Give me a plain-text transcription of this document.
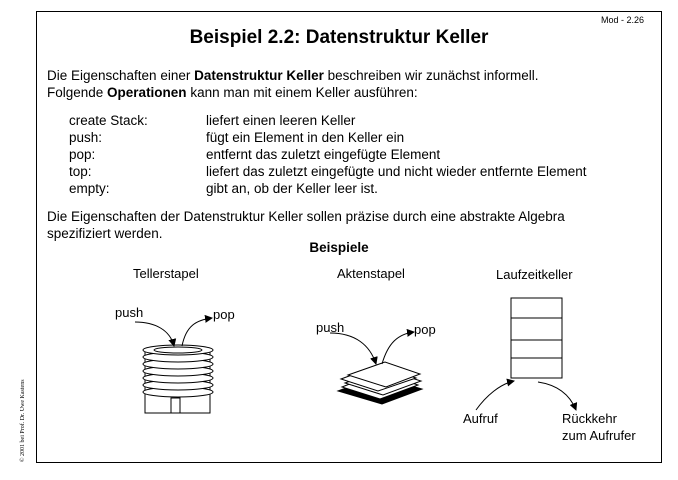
Mod - 2.26
Beispiel 2.2: Datenstruktur Keller
Die Eigenschaften einer Datenstruktur Keller beschreiben wir zunächst informell.
Folgende Operationen kann man mit einem Keller ausführen:
create Stack:	liefert einen leeren Keller
push:	fügt ein Element in den Keller ein
pop:	entfernt das zuletzt eingefügte Element
top:	liefert das zuletzt eingefügte und nicht wieder entfernte Element
empty:	gibt an, ob der Keller leer ist.
Die Eigenschaften der Datenstruktur Keller sollen präzise durch eine abstrakte Algebra
spezifiziert werden.
Beispiele
Tellerstapel
push	pop
Aktenstapel
push	pop
Laufzeitkeller
Aufruf	Rückkehr
zum Aufrufer
© 2001 bei Prof. Dr. Uwe Kastens
